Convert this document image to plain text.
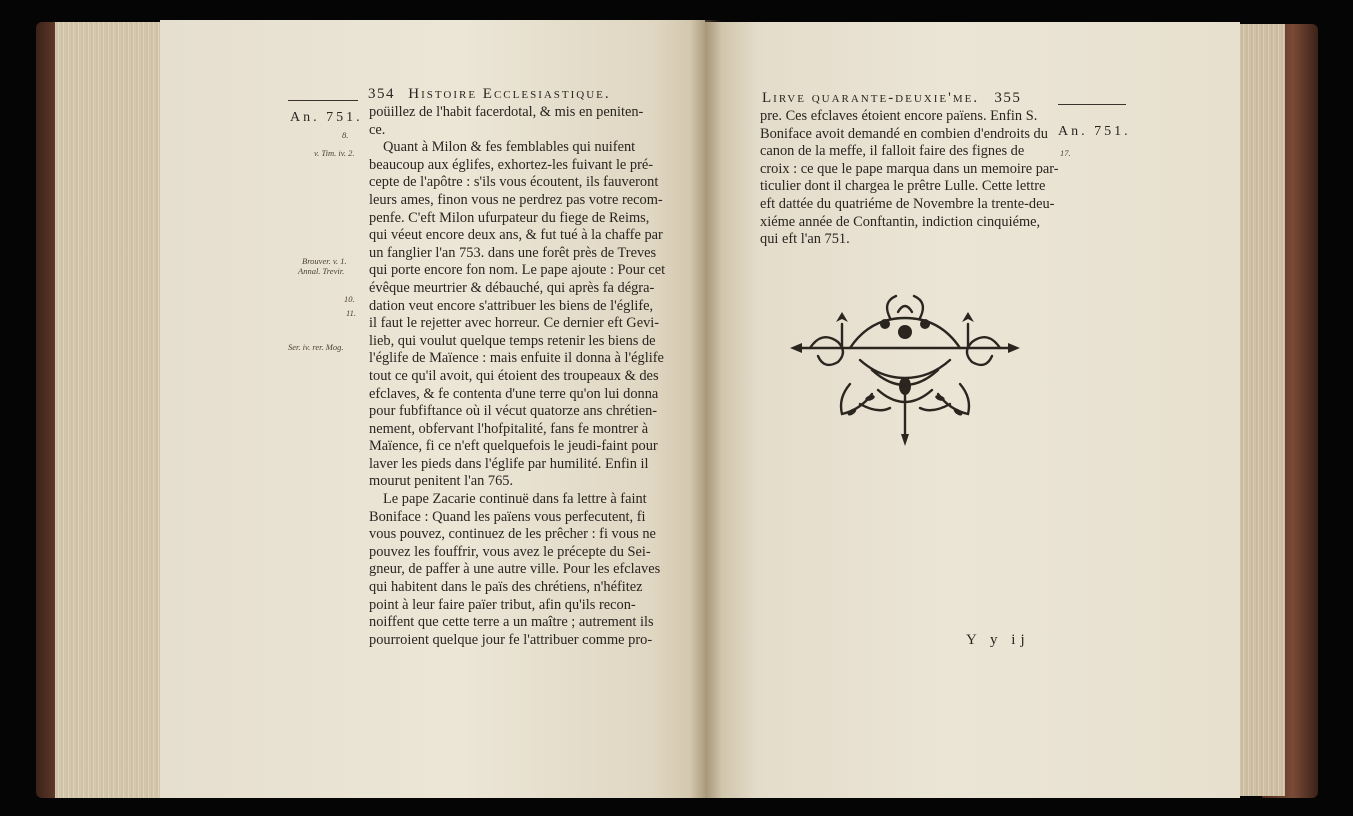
354 Histoire Ecclesiastique.
An. 751.
8.
v. Tim. iv. 2.
Brouver. v. 1.
Annal. Trevir.
10.
11.
Ser. iv. rer. Mog.
poüillez de l'habit facerdotal, & mis en peniten-
ce.
Quant à Milon & fes femblables qui nuifent
beaucoup aux églifes, exhortez-les fuivant le pré-
cepte de l'apôtre : s'ils vous écoutent, ils fauveront
leurs ames, finon vous ne perdrez pas votre recom-
penfe. C'eft Milon ufurpateur du fiege de Reims,
qui véeut encore deux ans, & fut tué à la chaffe par
un fanglier l'an 753. dans une forêt près de Treves
qui porte encore fon nom. Le pape ajoute : Pour cet
évêque meurtrier & débauché, qui après fa dégra-
dation veut encore s'attribuer les biens de l'églife,
il faut le rejetter avec horreur. Ce dernier eft Gevi-
lieb, qui voulut quelque temps retenir les biens de
l'églife de Maïence : mais enfuite il donna à l'églife
tout ce qu'il avoit, qui étoient des troupeaux & des
efclaves, & fe contenta d'une terre qu'on lui donna
pour fubfiftance où il vécut quatorze ans chrétien-
nement, obfervant l'hofpitalité, fans fe montrer à
Maïence, fi ce n'eft quelquefois le jeudi-faint pour
laver les pieds dans l'églife par humilité. Enfin il
mourut penitent l'an 765.
Le pape Zacarie continuë dans fa lettre à faint
Boniface : Quand les païens vous perfecutent, fi
vous pouvez, continuez de les prêcher : fi vous ne
pouvez les fouffrir, vous avez le précepte du Sei-
gneur, de paffer à une autre ville. Pour les efclaves
qui habitent dans le païs des chrétiens, n'héfitez
point à leur faire païer tribut, afin qu'ils recon-
noiffent que cette terre a un maître ; autrement ils
pourroient quelque jour fe l'attribuer comme pro-
Lirve quarante-deuxie'me. 355
An. 751.
17.
pre. Ces efclaves étoient encore païens. Enfin S.
Boniface avoit demandé en combien d'endroits du
canon de la meffe, il falloit faire des fignes de
croix : ce que le pape marqua dans un memoire par-
ticulier dont il chargea le prêtre Lulle. Cette lettre
eft dattée du quatriéme de Novembre la trente-deu-
xiéme année de Conftantin, indiction cinquiéme,
qui eft l'an 751.
Y y ij
